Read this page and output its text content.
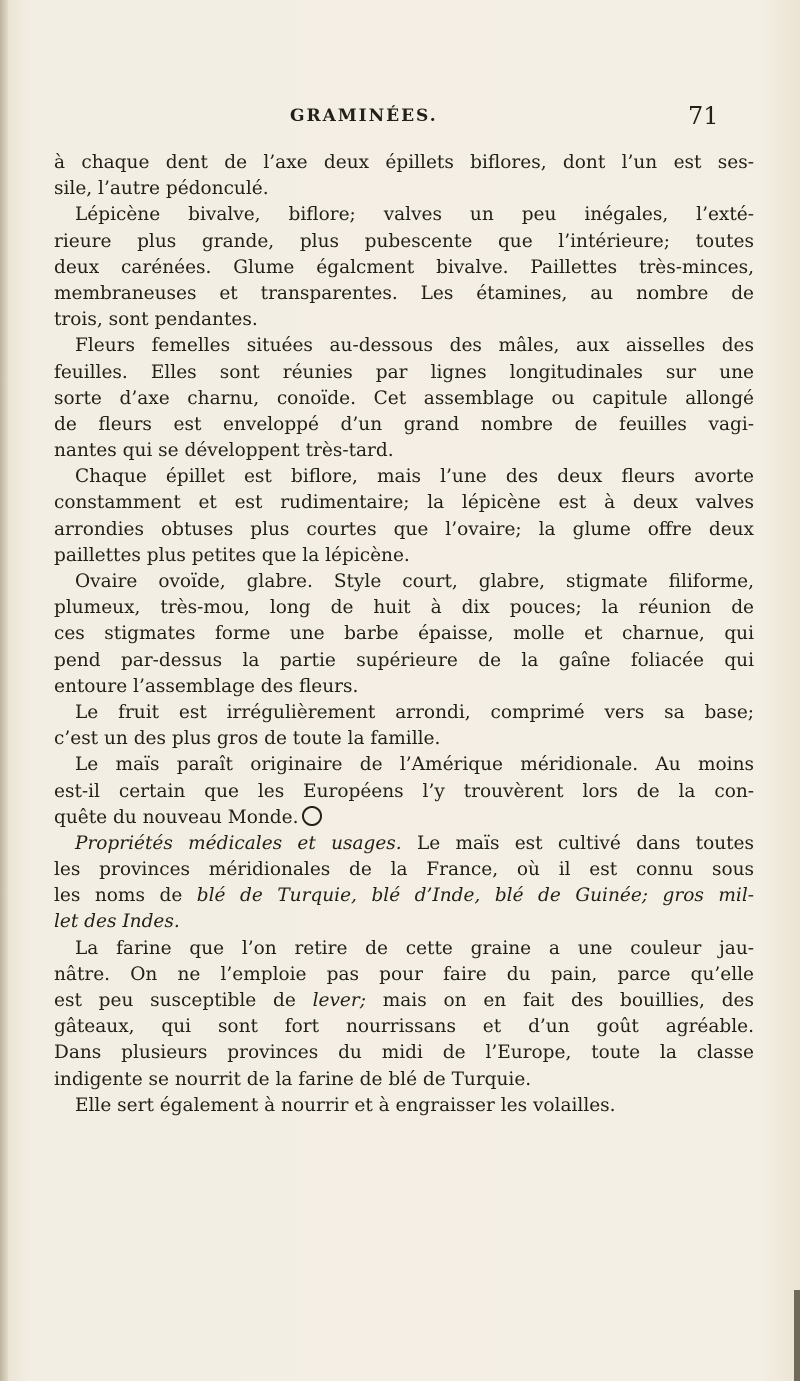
GRAMINÉES.	71
à chaque dent de l’axe deux épillets biflores, dont l’un est ses-
sile, l’autre pédonculé.
Lépicène bivalve, biflore; valves un peu inégales, l’exté-
rieure plus grande, plus pubescente que l’intérieure; toutes
deux carénées. Glume égalcment bivalve. Paillettes très-minces,
membraneuses et transparentes. Les étamines, au nombre de
trois, sont pendantes.
Fleurs femelles situées au-dessous des mâles, aux aisselles des
feuilles. Elles sont réunies par lignes longitudinales sur une
sorte d’axe charnu, conoïde. Cet assemblage ou capitule allongé
de fleurs est enveloppé d’un grand nombre de feuilles vagi-
nantes qui se développent très-tard.
Chaque épillet est biflore, mais l’une des deux fleurs avorte
constamment et est rudimentaire; la lépicène est à deux valves
arrondies obtuses plus courtes que l’ovaire; la glume offre deux
paillettes plus petites que la lépicène.
Ovaire ovoïde, glabre. Style court, glabre, stigmate filiforme,
plumeux, très-mou, long de huit à dix pouces; la réunion de
ces stigmates forme une barbe épaisse, molle et charnue, qui
pend par-dessus la partie supérieure de la gaîne foliacée qui
entoure l’assemblage des fleurs.
Le fruit est irrégulièrement arrondi, comprimé vers sa base;
c’est un des plus gros de toute la famille.
Le maïs paraît originaire de l’Amérique méridionale. Au moins
est-il certain que les Européens l’y trouvèrent lors de la con-
quête du nouveau Monde.
Propriétés médicales et usages. Le maïs est cultivé dans toutes
les provinces méridionales de la France, où il est connu sous
les noms de blé de Turquie, blé d’Inde, blé de Guinée; gros mil-
let des Indes.
La farine que l’on retire de cette graine a une couleur jau-
nâtre. On ne l’emploie pas pour faire du pain, parce qu’elle
est peu susceptible de lever; mais on en fait des bouillies, des
gâteaux, qui sont fort nourrissans et d’un goût agréable.
Dans plusieurs provinces du midi de l’Europe, toute la classe
indigente se nourrit de la farine de blé de Turquie.
Elle sert également à nourrir et à engraisser les volailles.
